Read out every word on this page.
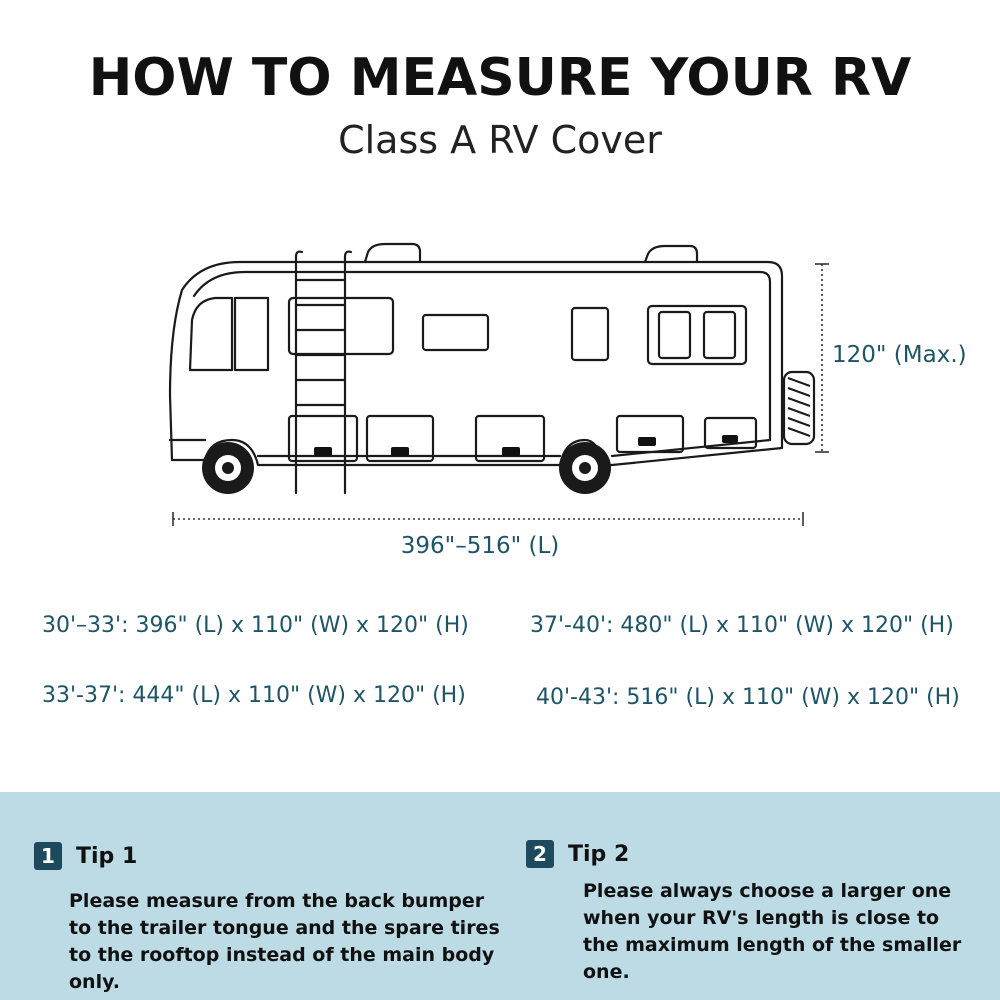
HOW TO MEASURE YOUR RV
Class A RV Cover
120" (Max.)
396"–516" (L)
30'–33': 396" (L) x 110" (W) x 120" (H)	37'-40': 480" (L) x 110" (W) x 120" (H)
33'-37': 444" (L) x 110" (W) x 120" (H)	40'-43': 516" (L) x 110" (W) x 120" (H)
1 Tip 1
Please measure from the back bumper
to the trailer tongue and the spare tires
to the rooftop instead of the main body
only.
2 Tip 2
Please always choose a larger one
when your RV's length is close to
the maximum length of the smaller
one.
